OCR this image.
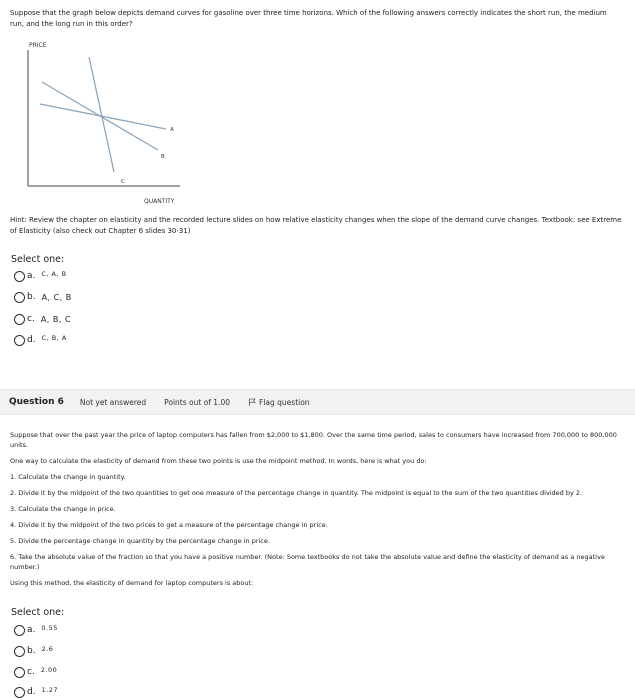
Suppose that the graph below depicts demand curves for gasoline over three time horizons. Which of the following answers correctly indicates the short run, the medium run, and the long run in this order?
PRICE
QUANTITY
A
B
C
Hint: Review the chapter on elasticity and the recorded lecture slides on how relative elasticity changes when the slope of the demand curve changes. Textbook: see Extreme of Elasticity (also check out Chapter 6 slides 30-31)
Select one:
a. C, A, B
b. A, C, B
c. A, B, C
d. C, B, A
Question 6 Not yet answered Points out of 1.00	Flag question

Suppose that over the past year the price of laptop computers has fallen from $2,000 to $1,800. Over the same time period, sales to consumers have increased from 700,000 to 800,000 units.

One way to calculate the elasticity of demand from these two points is use the midpoint method. In words, here is what you do:

1. Calculate the change in quantity.

2. Divide it by the midpoint of the two quantities to get one measure of the percentage change in quantity. The midpoint is equal to the sum of the two quantities divided by 2.

3. Calculate the change in price.

4. Divide it by the midpoint of the two prices to get a measure of the percentage change in price.

5. Divide the percentage change in quantity by the percentage change in price.

6. Take the absolute value of the fraction so that you have a positive number. (Note: Some textbooks do not take the absolute value and define the elasticity of demand as a negative number.)

Using this method, the elasticity of demand for laptop computers is about:

Select one:
a. 0.55
b. 2.6
c. 2.00
d. 1.27
